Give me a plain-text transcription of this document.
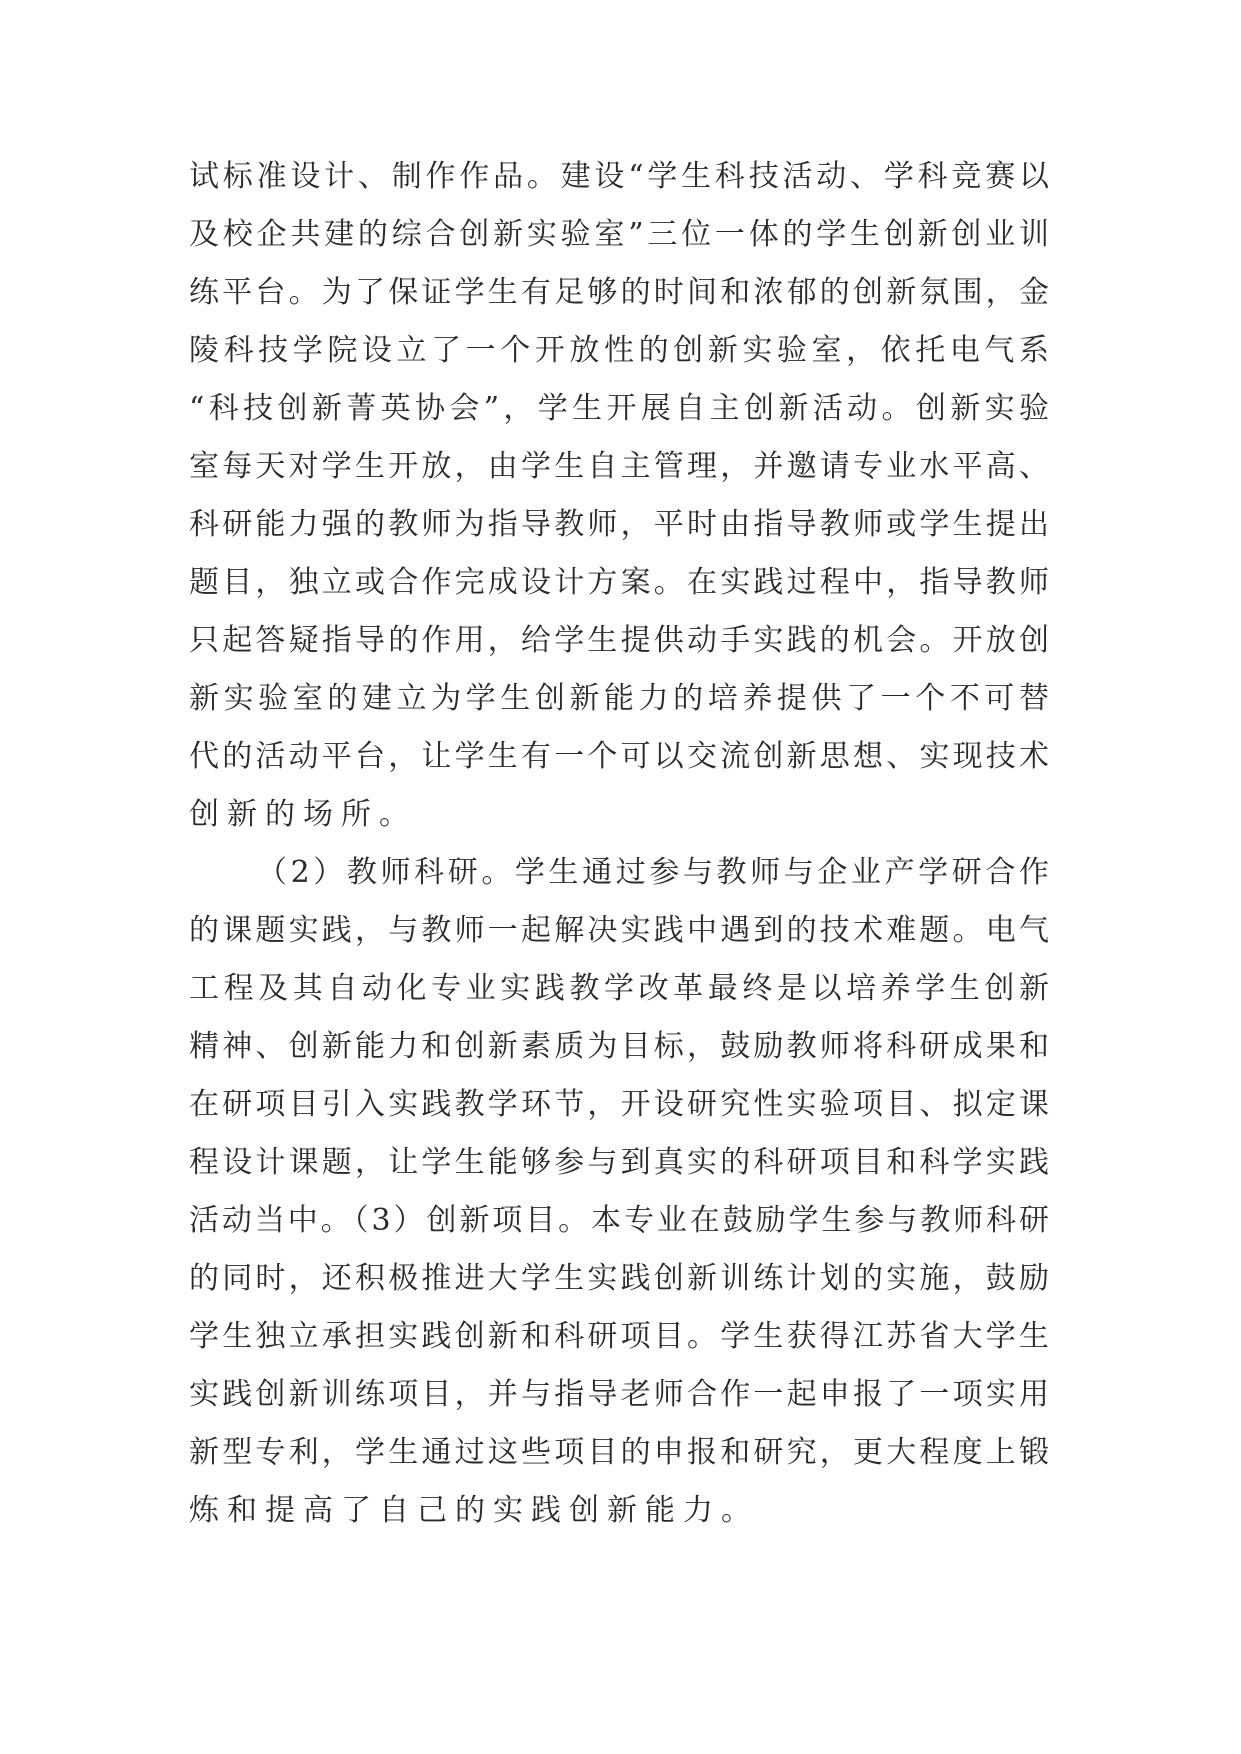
试标准设计、制作作品。建设“学生科技活动、学科竞赛以
及校企共建的综合创新实验室”三位一体的学生创新创业训
练平台。为了保证学生有足够的时间和浓郁的创新氛围，金
陵科技学院设立了一个开放性的创新实验室，依托电气系
“科技创新菁英协会”，学生开展自主创新活动。创新实验
室每天对学生开放，由学生自主管理，并邀请专业水平高、
科研能力强的教师为指导教师，平时由指导教师或学生提出
题目，独立或合作完成设计方案。在实践过程中，指导教师
只起答疑指导的作用，给学生提供动手实践的机会。开放创
新实验室的建立为学生创新能力的培养提供了一个不可替
代的活动平台，让学生有一个可以交流创新思想、实现技术
创新的场所。
（2）教师科研。学生通过参与教师与企业产学研合作
的课题实践，与教师一起解决实践中遇到的技术难题。电气
工程及其自动化专业实践教学改革最终是以培养学生创新
精神、创新能力和创新素质为目标，鼓励教师将科研成果和
在研项目引入实践教学环节，开设研究性实验项目、拟定课
程设计课题，让学生能够参与到真实的科研项目和科学实践
活动当中。（3）创新项目。本专业在鼓励学生参与教师科研
的同时，还积极推进大学生实践创新训练计划的实施，鼓励
学生独立承担实践创新和科研项目。学生获得江苏省大学生
实践创新训练项目，并与指导老师合作一起申报了一项实用
新型专利，学生通过这些项目的申报和研究，更大程度上锻
炼和提高了自己的实践创新能力。
